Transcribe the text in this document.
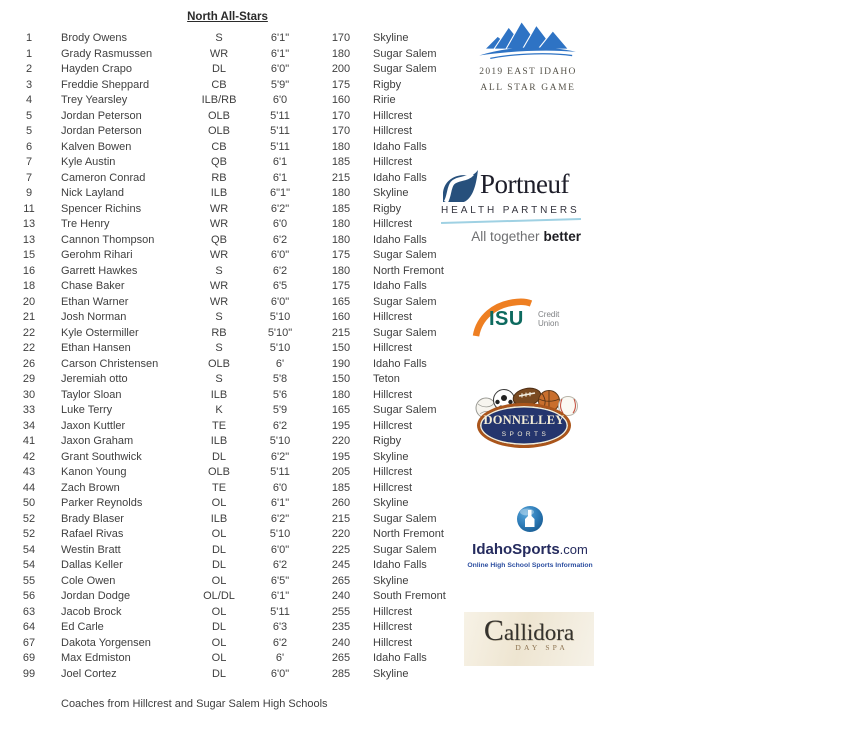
North All-Stars
1	Brody Owens	S	6'1"	170	Skyline
1	Grady Rasmussen	WR	6'1"	180	Sugar Salem
2	Hayden Crapo	DL	6'0"	200	Sugar Salem
3	Freddie Sheppard	CB	5'9"	175	Rigby
4	Trey Yearsley	ILB/RB	6'0	160	Ririe
5	Jordan Peterson	OLB	5'11	170	Hillcrest
5	Jordan Peterson	OLB	5'11	170	Hillcrest
6	Kalven Bowen	CB	5'11	180	Idaho Falls
7	Kyle Austin	QB	6'1	185	Hillcrest
7	Cameron Conrad	RB	6'1	215	Idaho Falls
9	Nick Layland	ILB	6"1"	180	Skyline
11	Spencer Richins	WR	6'2"	185	Rigby
13	Tre Henry	WR	6'0	180	Hillcrest
13	Cannon Thompson	QB	6'2	180	Idaho Falls
15	Gerohm Rihari	WR	6'0"	175	Sugar Salem
16	Garrett Hawkes	S	6'2	180	North Fremont
18	Chase Baker	WR	6'5	175	Idaho Falls
20	Ethan Warner	WR	6'0"	165	Sugar Salem
21	Josh Norman	S	5'10	160	Hillcrest
22	Kyle Ostermiller	RB	5'10"	215	Sugar Salem
22	Ethan Hansen	S	5'10	150	Hillcrest
26	Carson Christensen	OLB	6'	190	Idaho Falls
29	Jeremiah otto	S	5'8	150	Teton
30	Taylor Sloan	ILB	5'6	180	Hillcrest
33	Luke Terry	K	5'9	165	Sugar Salem
34	Jaxon Kuttler	TE	6'2	195	Hillcrest
41	Jaxon Graham	ILB	5'10	220	Rigby
42	Grant Southwick	DL	6'2"	195	Skyline
43	Kanon Young	OLB	5'11	205	Hillcrest
44	Zach Brown	TE	6'0	185	Hillcrest
50	Parker Reynolds	OL	6'1"	260	Skyline
52	Brady Blaser	ILB	6'2"	215	Sugar Salem
52	Rafael Rivas	OL	5'10	220	North Fremont
54	Westin Bratt	DL	6'0"	225	Sugar Salem
54	Dallas Keller	DL	6'2	245	Idaho Falls
55	Cole Owen	OL	6'5"	265	Skyline
56	Jordan Dodge	OL/DL	6'1"	240	South Fremont
63	Jacob Brock	OL	5'11	255	Hillcrest
64	Ed Carle	DL	6'3	235	Hillcrest
67	Dakota Yorgensen	OL	6'2	240	Hillcrest
69	Max Edmiston	OL	6'	265	Idaho Falls
99	Joel Cortez	DL	6'0"	285	Skyline
Coaches from Hillcrest and Sugar Salem High Schools
2019 EAST IDAHO
ALL STAR GAME
Portneuf
HEALTH PARTNERS
All together better
ISU Credit
Union
DONNELLEY
SPORTS
IdahoSports.com
Online High School Sports Information
Callidora
DAY SPA
